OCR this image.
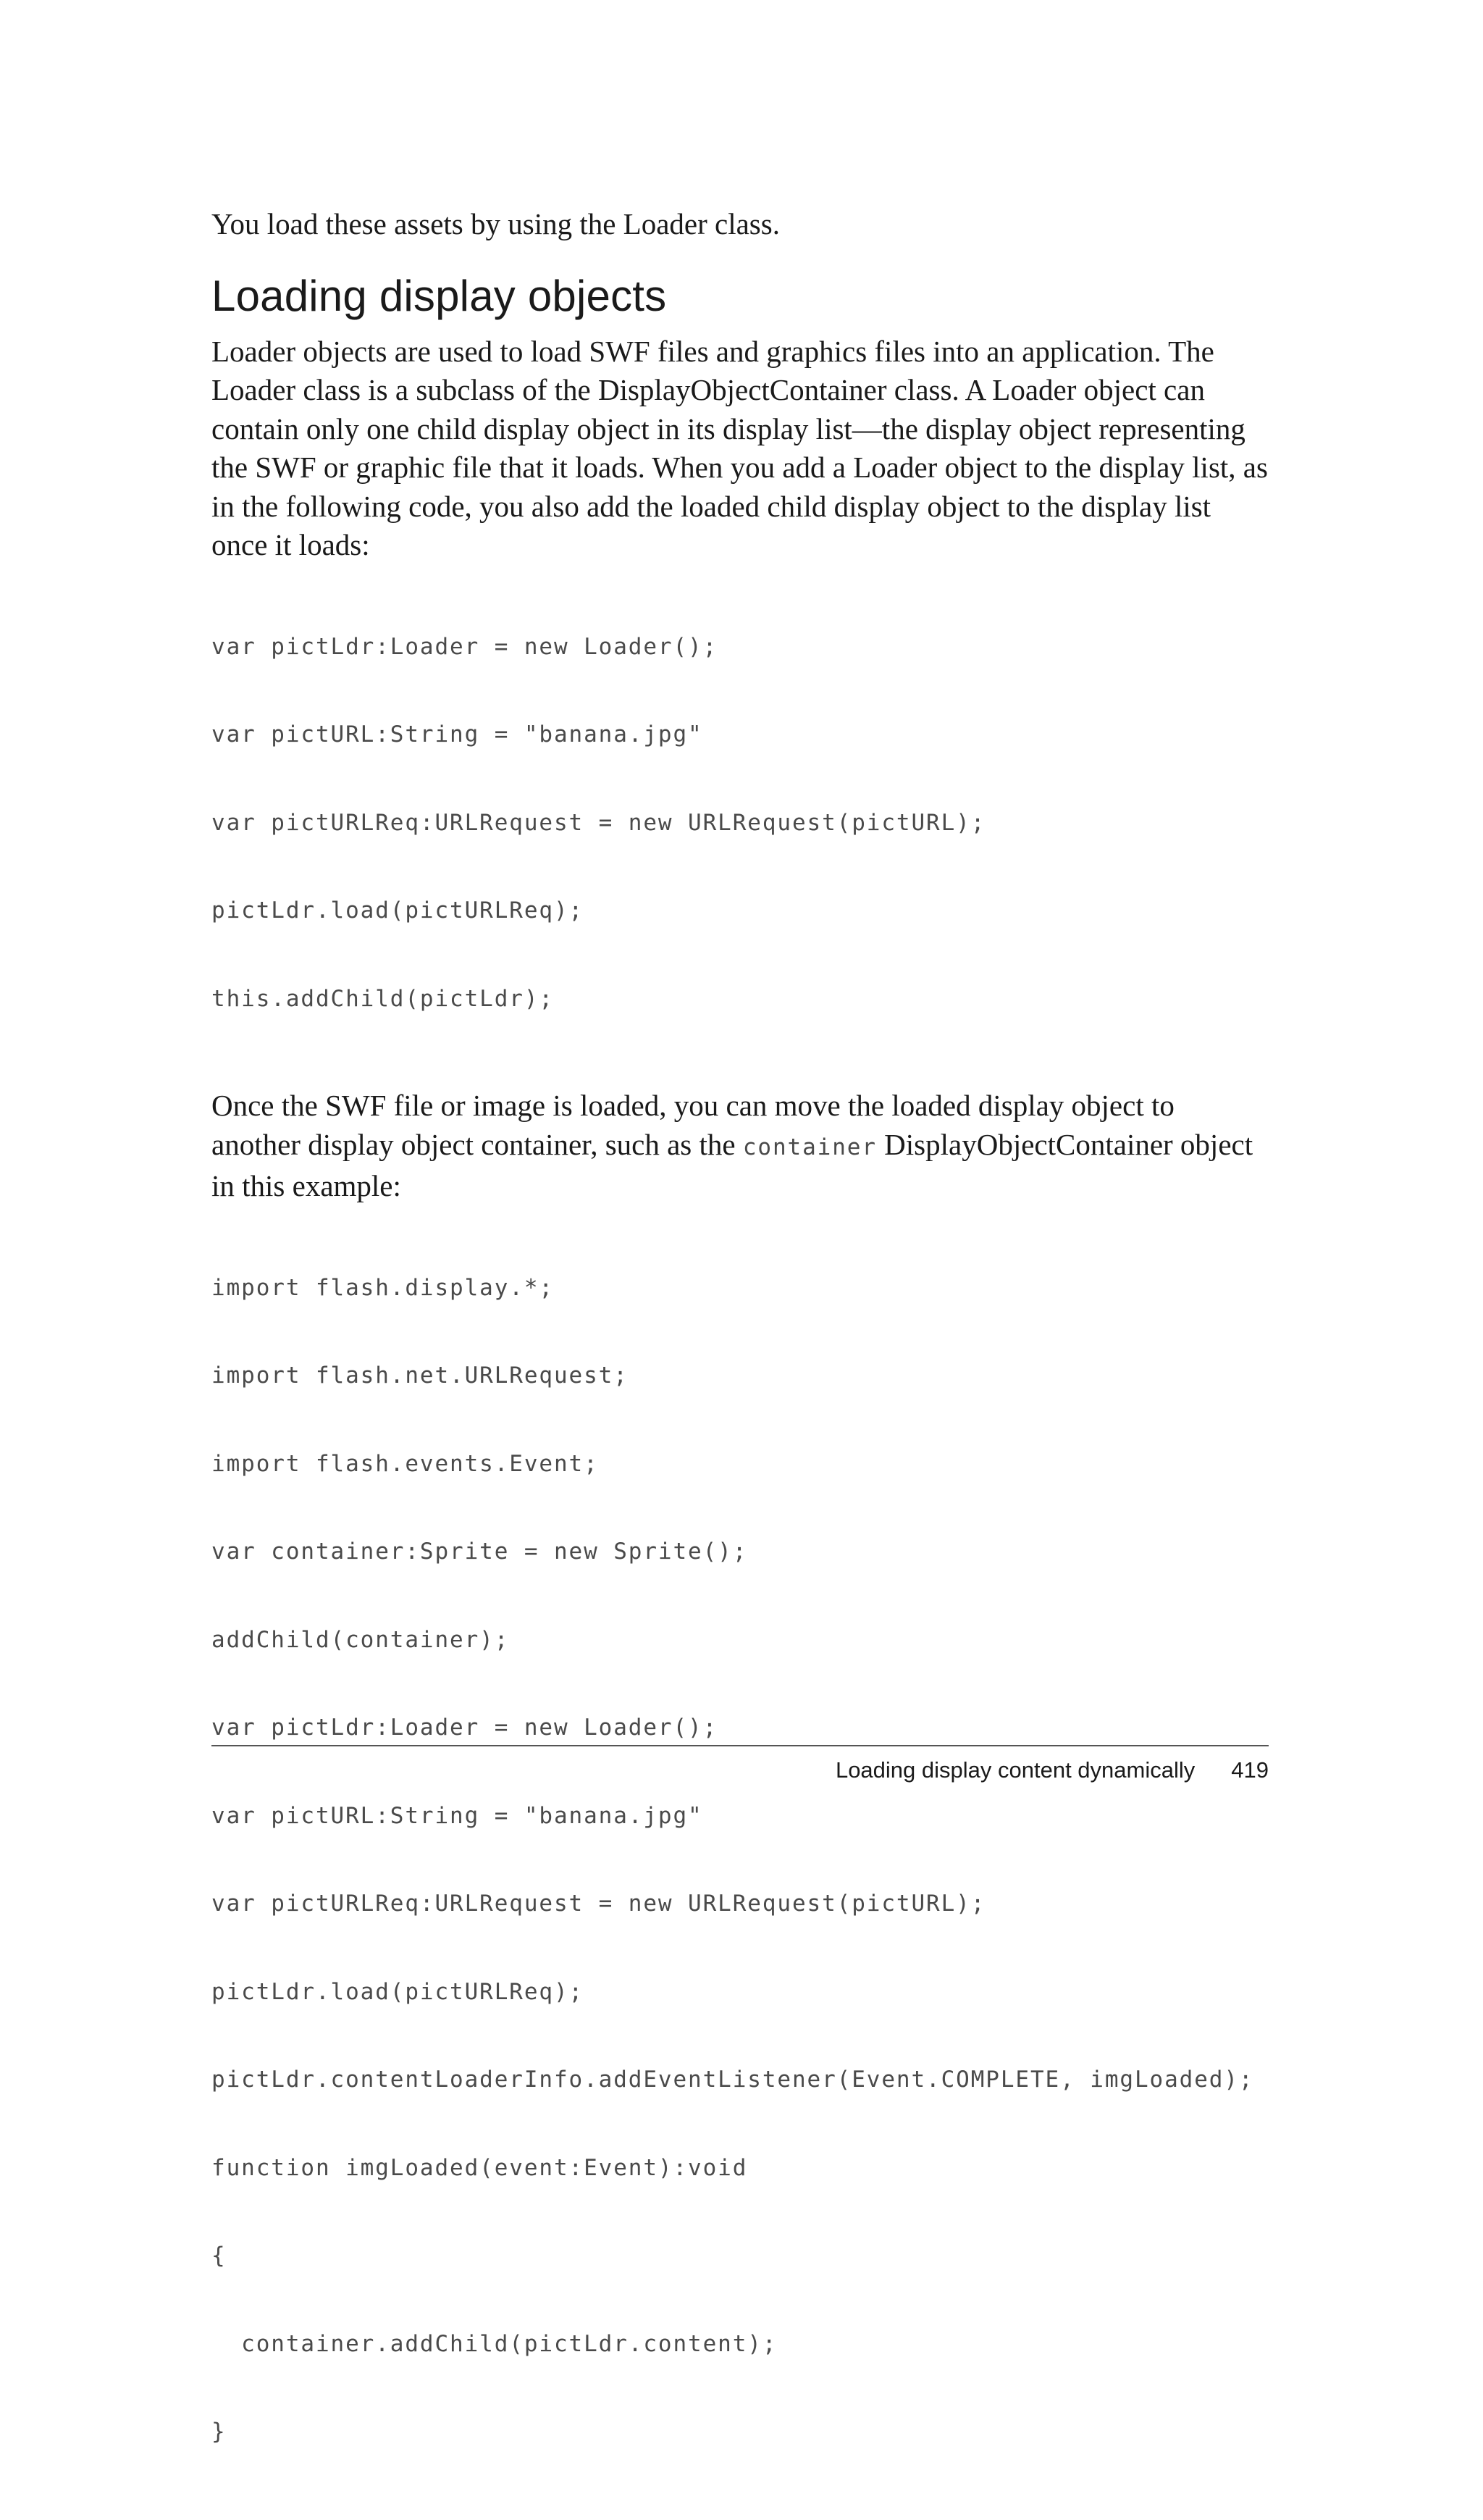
You load these assets by using the Loader class.

Loading display objects

Loader objects are used to load SWF files and graphics files into an application. The Loader class is a subclass of the DisplayObjectContainer class. A Loader object can contain only one child display object in its display list—the display object representing the SWF or graphic file that it loads. When you add a Loader object to the display list, as in the following code, you also add the loaded child display object to the display list once it loads:

var pictLdr:Loader = new Loader();

var pictURL:String = "banana.jpg"

var pictURLReq:URLRequest = new URLRequest(pictURL);

pictLdr.load(pictURLReq);

this.addChild(pictLdr);

Once the SWF file or image is loaded, you can move the loaded display object to another display object container, such as the container DisplayObjectContainer object in this example:

import flash.display.*;

import flash.net.URLRequest;

import flash.events.Event;

var container:Sprite = new Sprite();

addChild(container);

var pictLdr:Loader = new Loader();

var pictURL:String = "banana.jpg"

var pictURLReq:URLRequest = new URLRequest(pictURL);

pictLdr.load(pictURLReq);

pictLdr.contentLoaderInfo.addEventListener(Event.COMPLETE, imgLoaded);

function imgLoaded(event:Event):void

{

container.addChild(pictLdr.content);

}

Loading display content dynamically 419
